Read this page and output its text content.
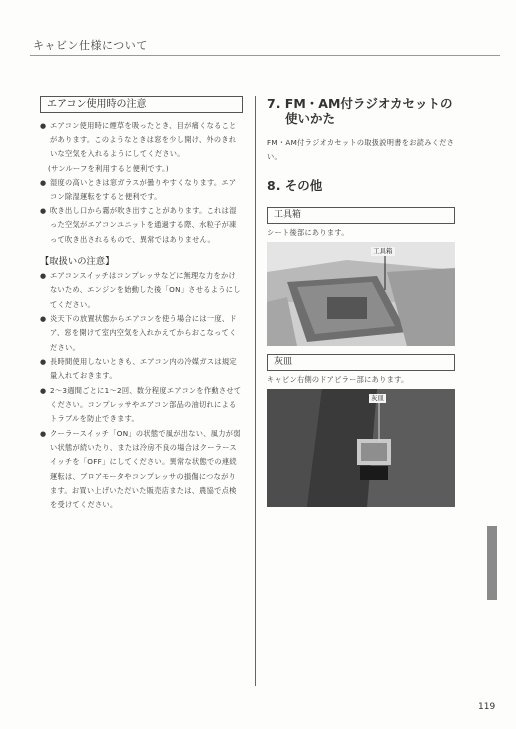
キャビン仕様について
エアコン使用時の注意
● エアコン使用時に煙草を吸ったとき、目が痛くなることがあります。このようなときは窓を少し開け、外のきれいな空気を入れるようにしてください。
(サンルーフを利用すると便利です。)
● 湿度の高いときは窓ガラスが曇りやすくなります。エアコン除湿運転をすると便利です。
● 吹き出し口から霧が吹き出すことがあります。これは湿った空気がエアコンユニットを通過する際、水粒子が凍って吹き出されるもので、異常ではありません。
【取扱いの注意】
● エアコンスイッチはコンプレッサなどに無理な力をかけないため、エンジンを始動した後「ON」させるようにしてください。
● 炎天下の放置状態からエアコンを使う場合には一度、ドア、窓を開けて室内空気を入れかえてからおこなってください。
● 長時間使用しないときも、エアコン内の冷媒ガスは規定量入れておきます。
● 2～3週間ごとに1～2回、数分程度エアコンを作動させてください。コンプレッサやエアコン部品の油切れによるトラブルを防止できます。
● クーラースイッチ「ON」の状態で風が出ない、風力が弱い状態が続いたり、または冷房不良の場合はクーラースイッチを「OFF」にしてください。異常な状態での連続運転は、ブロアモータやコンプレッサの損傷につながります。お買い上げいただいた販売店または、農協で点検を受けてください。
7. FM・AM付ラジオカセットの
使いかた
FM・AM付ラジオカセットの取扱説明書をお読みください。
8. その他
工具箱
シート後部にあります。
工具箱
灰皿
キャビン右側のドアピラー部にあります。
灰皿
119
